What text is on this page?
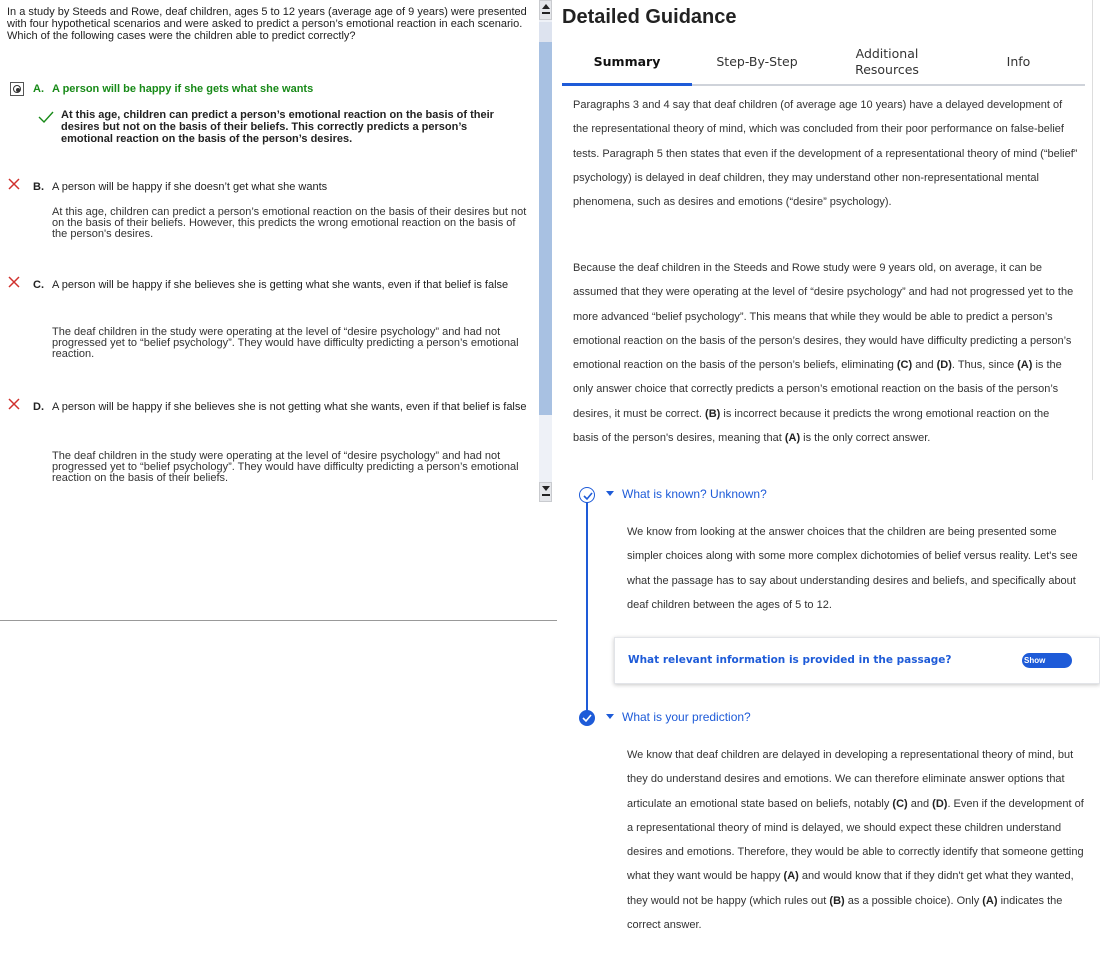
In a study by Steeds and Rowe, deaf children, ages 5 to 12 years (average age of 9 years) were presented with four hypothetical scenarios and were asked to predict a person’s emotional reaction in each scenario. Which of the following cases were the children able to predict correctly?
A. A person will be happy if she gets what she wants
At this age, children can predict a person’s emotional reaction on the basis of their desires but not on the basis of their beliefs. This correctly predicts a person’s emotional reaction on the basis of the person’s desires.
B. A person will be happy if she doesn’t get what she wants
At this age, children can predict a person’s emotional reaction on the basis of their desires but not on the basis of their beliefs. However, this predicts the wrong emotional reaction on the basis of the person's desires.
C. A person will be happy if she believes she is getting what she wants, even if that belief is false
The deaf children in the study were operating at the level of “desire psychology” and had not progressed yet to “belief psychology”. They would have difficulty predicting a person’s emotional reaction.
D. A person will be happy if she believes she is not getting what she wants, even if that belief is false
The deaf children in the study were operating at the level of “desire psychology” and had not progressed yet to “belief psychology”. They would have difficulty predicting a person’s emotional reaction on the basis of their beliefs.
Detailed Guidance
Summary	Step-By-Step
Additional Resources
Info
Paragraphs 3 and 4 say that deaf children (of average age 10 years) have a delayed development of the representational theory of mind, which was concluded from their poor performance on false-belief tests. Paragraph 5 then states that even if the development of a representational theory of mind (“belief” psychology) is delayed in deaf children, they may understand other non-representational mental phenomena, such as desires and emotions (“desire” psychology).
Because the deaf children in the Steeds and Rowe study were 9 years old, on average, it can be assumed that they were operating at the level of “desire psychology” and had not progressed yet to the more advanced “belief psychology”. This means that while they would be able to predict a person’s emotional reaction on the basis of the person’s desires, they would have difficulty predicting a person’s emotional reaction on the basis of the person’s beliefs, eliminating (C) and (D). Thus, since (A) is the only answer choice that correctly predicts a person’s emotional reaction on the basis of the person’s desires, it must be correct. (B) is incorrect because it predicts the wrong emotional reaction on the basis of the person's desires, meaning that (A) is the only correct answer.
What is known? Unknown?
We know from looking at the answer choices that the children are being presented some simpler choices along with some more complex dichotomies of belief versus reality. Let's see what the passage has to say about understanding desires and beliefs, and specifically about deaf children between the ages of 5 to 12.
What relevant information is provided in the passage?	Show
What is your prediction?
We know that deaf children are delayed in developing a representational theory of mind, but they do understand desires and emotions. We can therefore eliminate answer options that articulate an emotional state based on beliefs, notably (C) and (D). Even if the development of a representational theory of mind is delayed, we should expect these children understand desires and emotions. Therefore, they would be able to correctly identify that someone getting what they want would be happy (A) and would know that if they didn't get what they wanted, they would not be happy (which rules out (B) as a possible choice). Only (A) indicates the correct answer.
